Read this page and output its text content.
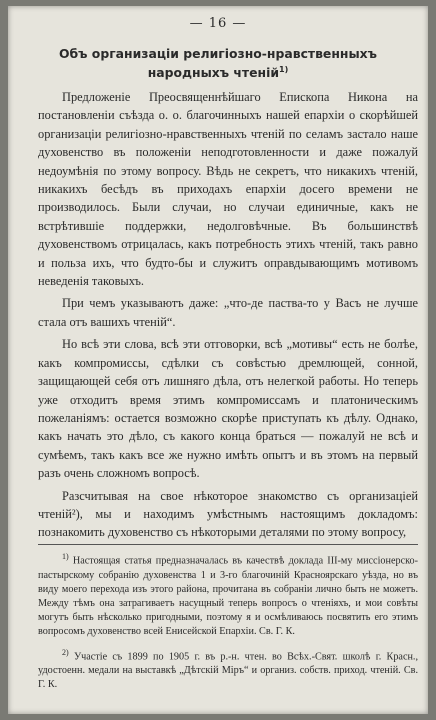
— 16 —
Объ организаціи религіозно-нравственныхъ народныхъ чтеній$^{1)}$

Предложеніе Преосвященнѣйшаго Епископа Никона на постановленіи съѣзда о. о. благочинныхъ нашей епархіи о скорѣйшей организаціи религіозно-нравственныхъ чтеній по селамъ застало наше духовенство въ положеніи неподготовленности и даже пожалуй недоумѣнія по этому вопросу. Вѣдь не секретъ, что никакихъ чтеній, никакихъ бесѣдъ въ приходахъ епархіи досего времени не производилось. Были случаи, но случаи единичные, какъ не встрѣтившіе поддержки, недолговѣчные. Въ большинствѣ духовенствомъ отрицалась, какъ потребность этихъ чтеній, такъ равно и польза ихъ, что будто-бы и служитъ оправдывающимъ мотивомъ неведенія таковыхъ.

При чемъ указываютъ даже: „что-де паства-то у Васъ не лучше стала отъ вашихъ чтеній“.

Но всѣ эти слова, всѣ эти отговорки, всѣ „мотивы“ есть не болѣе, какъ компромиссы, сдѣлки съ совѣстью дремлющей, сонной, защищающей себя отъ лишняго дѣла, отъ нелегкой работы. Но теперь уже отходитъ время этимъ компромиссамъ и платоническимъ пожеланіямъ: остается возможно скорѣе приступать къ дѣлу. Однако, какъ начать это дѣло, съ какого конца браться — пожалуй не всѣ и сумѣемъ, такъ какъ все же нужно имѣть опытъ и въ этомъ на первый разъ очень сложномъ вопросѣ.

Разсчитывая на свое нѣкоторое знакомство съ организаціей чтеній²), мы и находимъ умѣстнымъ настоящимъ докладомъ: познакомить духовенство съ нѣкоторыми деталями по этому вопросу,

$^{1)}$ Настоящая статья предназначалась въ качествѣ доклада III-му миссіонерско-пастырскому собранію духовенства 1 и 3-го благочиній Красноярскаго уѣзда, но въ виду моего перехода изъ этого района, прочитана въ собраніи лично быть не можетъ. Между тѣмъ она затрагиваетъ насущный теперь вопросъ о чтеніяхъ, и мои совѣты могутъ быть нѣсколько пригодными, поэтому я и осмѣливаюсь посвятить его этимъ вопросомъ духовенство всей Енисейской Епархіи. Св. Г. К.

$^{2)}$ Участіе съ 1899 по 1905 г. въ р.-н. чтен. во Всѣх.-Свят. школѣ г. Красн., удостоенн. медали на выставкѣ „Дѣтскій Міръ“ и организ. собств. приход. чтеній. Св. Г. К.
